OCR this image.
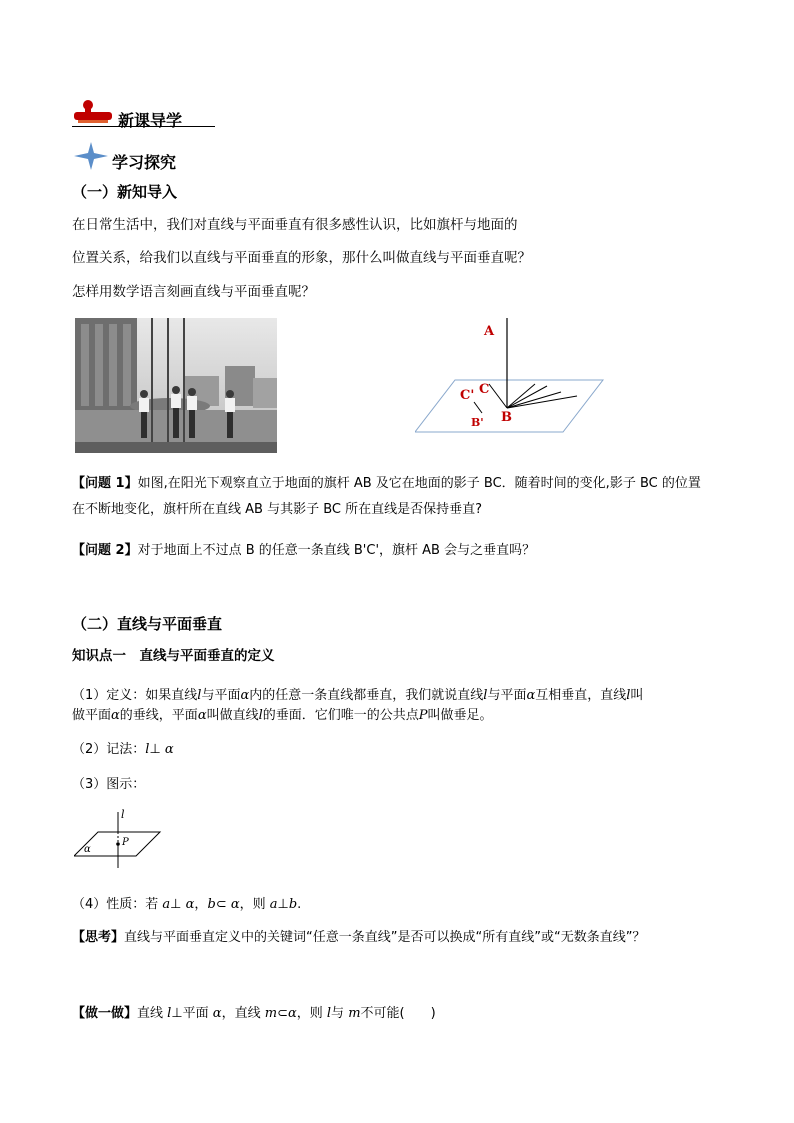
新课导学
学习探究
（一）新知导入
在日常生活中，我们对直线与平面垂直有很多感性认识，比如旗杆与地面的
位置关系，给我们以直线与平面垂直的形象，那什么叫做直线与平面垂直呢？
怎样用数学语言刻画直线与平面垂直呢？
A
C
C'
B
B'
【问题 1】如图,在阳光下观察直立于地面的旗杆 AB 及它在地面的影子 BC．随着时间的变化,影子 BC 的位置
在不断地变化，旗杆所在直线 AB 与其影子 BC 所在直线是否保持垂直?
【问题 2】对于地面上不过点 B 的任意一条直线 B'C'，旗杆 AB 会与之垂直吗？
（二）直线与平面垂直
知识点一　直线与平面垂直的定义
（1）定义：如果直线l与平面α内的任意一条直线都垂直，我们就说直线l与平面α互相垂直，直线l叫
做平面α的垂线，平面α叫做直线l的垂面．它们唯一的公共点P叫做垂足。
（2）记法：l⊥ α
（3）图示：
l
P
α
（4）性质：若 a⊥ α，b⊂ α，则 a⊥b.
【思考】直线与平面垂直定义中的关键词“任意一条直线”是否可以换成“所有直线”或“无数条直线”？
【做一做】直线 l⊥平面 α，直线 m⊂α，则 l与 m不可能(　　)
